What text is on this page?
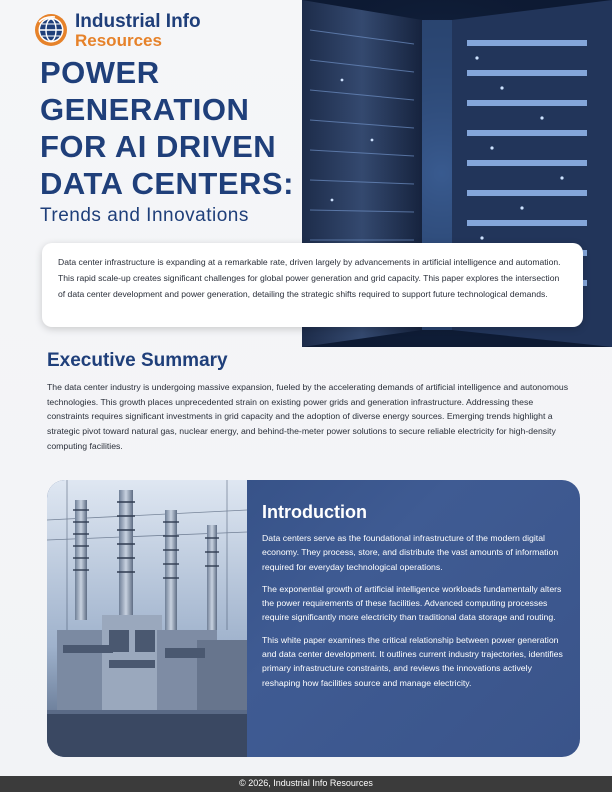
Industrial Info
Resources
POWER
GENERATION
FOR AI DRIVEN
DATA CENTERS:
Trends and Innovations
Data center infrastructure is expanding at a remarkable rate, driven largely by advancements in artificial intelligence and automation. This rapid scale-up creates significant challenges for global power generation and grid capacity. This paper explores the intersection of data center development and power generation, detailing the strategic shifts required to support future technological demands.
Executive Summary
The data center industry is undergoing massive expansion, fueled by the accelerating demands of artificial intelligence and autonomous technologies. This growth places unprecedented strain on existing power grids and generation infrastructure. Addressing these constraints requires significant investments in grid capacity and the adoption of diverse energy sources. Emerging trends highlight a strategic pivot toward natural gas, nuclear energy, and behind-the-meter power solutions to secure reliable electricity for high-density computing facilities.
Introduction

Data centers serve as the foundational infrastructure of the modern digital economy. They process, store, and distribute the vast amounts of information required for everyday technological operations.

The exponential growth of artificial intelligence workloads fundamentally alters the power requirements of these facilities. Advanced computing processes require significantly more electricity than traditional data storage and routing.

This white paper examines the critical relationship between power generation and data center development. It outlines current industry trajectories, identifies primary infrastructure constraints, and reviews the innovations actively reshaping how facilities source and manage electricity.

© 2026, Industrial Info Resources
